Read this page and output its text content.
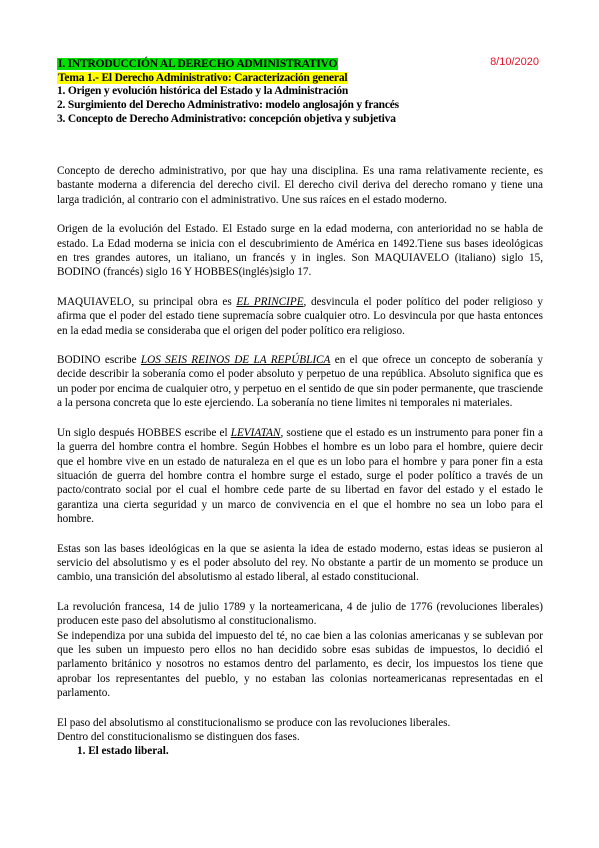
I. INTRODUCCIÓN AL DERECHO ADMINISTRATIVO	8/10/2020
Tema 1.- El Derecho Administrativo: Caracterización general
1. Origen y evolución histórica del Estado y la Administración
2. Surgimiento del Derecho Administrativo: modelo anglosajón y francés
3. Concepto de Derecho Administrativo: concepción objetiva y subjetiva

Concepto de derecho administrativo, por que hay una disciplina. Es una rama relativamente reciente, es bastante moderna a diferencia del derecho civil. El derecho civil deriva del derecho romano y tiene una larga tradición, al contrario con el administrativo. Une sus raíces en el estado moderno.

Origen de la evolución del Estado. El Estado surge en la edad moderna, con anterioridad no se habla de estado. La Edad moderna se inicia con el descubrimiento de América en 1492.Tiene sus bases ideológicas en tres grandes autores, un italiano, un francés y in ingles. Son MAQUIAVELO (italiano) siglo 15, BODINO (francés) siglo 16 Y HOBBES(inglés)siglo 17.

MAQUIAVELO, su principal obra es EL PRINCIPE, desvincula el poder político del poder religioso y afirma que el poder del estado tiene supremacía sobre cualquier otro. Lo desvincula por que hasta entonces en la edad media se consideraba que el origen del poder político era religioso.

BODINO escribe LOS SEIS REINOS DE LA REPÚBLICA en el que ofrece un concepto de soberanía y decide describir la soberanía como el poder absoluto y perpetuo de una república. Absoluto significa que es un poder por encima de cualquier otro, y perpetuo en el sentido de que sin poder permanente, que trasciende a la persona concreta que lo este ejerciendo. La soberanía no tiene limites ni temporales ni materiales.

Un siglo después HOBBES escribe el LEVIATAN, sostiene que el estado es un instrumento para poner fin a la guerra del hombre contra el hombre. Según Hobbes el hombre es un lobo para el hombre, quiere decir que el hombre vive en un estado de naturaleza en el que es un lobo para el hombre y para poner fin a esta situación de guerra del hombre contra el hombre surge el estado, surge el poder político a través de un pacto/contrato social por el cual el hombre cede parte de su libertad en favor del estado y el estado le garantiza una cierta seguridad y un marco de convivencia en el que el hombre no sea un lobo para el hombre.

Estas son las bases ideológicas en la que se asienta la idea de estado moderno, estas ideas se pusieron al servicio del absolutismo y es el poder absoluto del rey. No obstante a partir de un momento se produce un cambio, una transición del absolutismo al estado liberal, al estado constitucional.

La revolución francesa, 14 de julio 1789 y la norteamericana, 4 de julio de 1776 (revoluciones liberales) producen este paso del absolutismo al constitucionalismo.

Se independiza por una subida del impuesto del té, no cae bien a las colonias americanas y se sublevan por que les suben un impuesto pero ellos no han decidido sobre esas subidas de impuestos, lo decidió el parlamento británico y nosotros no estamos dentro del parlamento, es decir, los impuestos los tiene que aprobar los representantes del pueblo, y no estaban las colonias norteamericanas representadas en el parlamento.

El paso del absolutismo al constitucionalismo se produce con las revoluciones liberales.

Dentro del constitucionalismo se distinguen dos fases.

1. El estado liberal.
